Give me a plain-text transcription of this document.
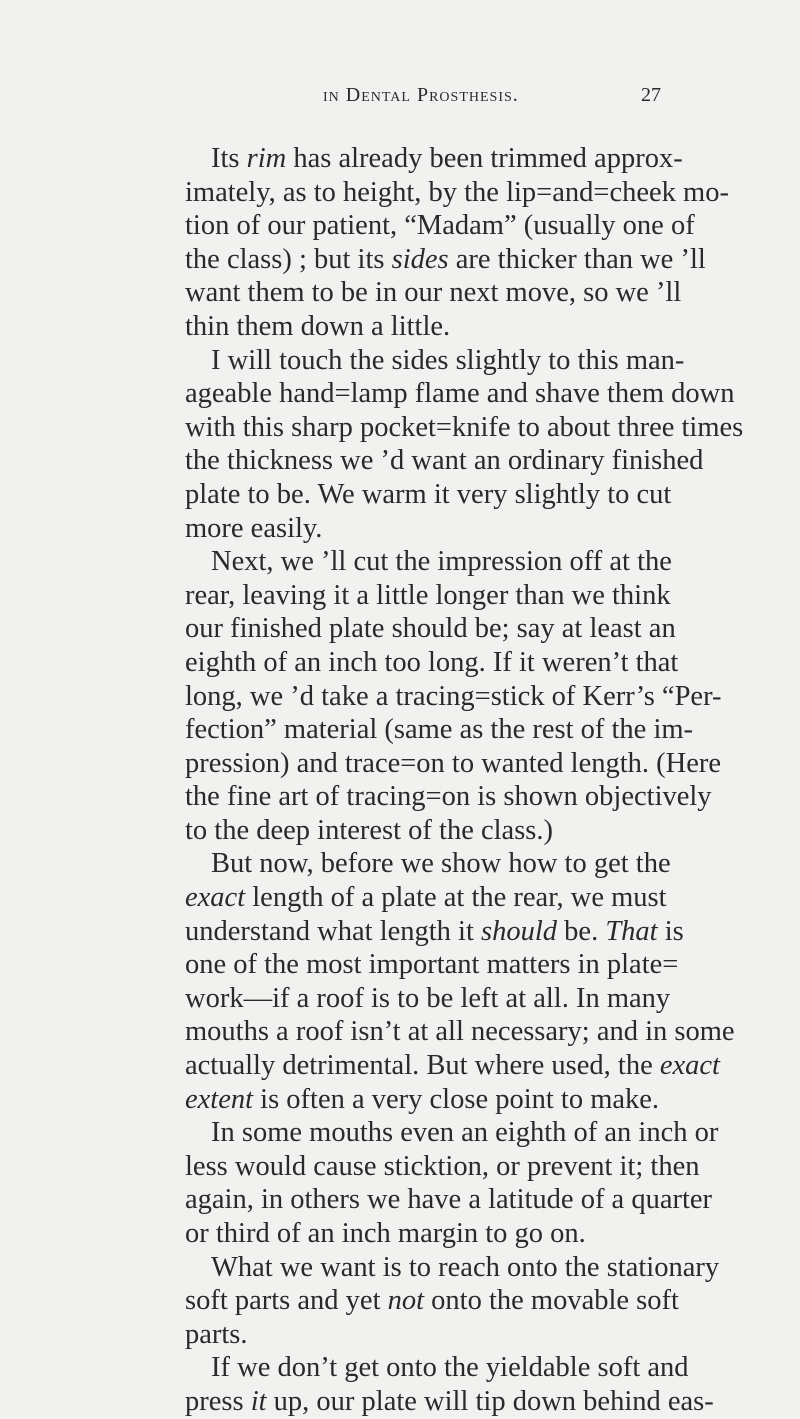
in Dental Prosthesis.	27
Its rim has already been trimmed approx-
imately, as to height, by the lip=and=cheek mo-
tion of our patient, “Madam” (usually one of
the class) ; but its sides are thicker than we ’ll
want them to be in our next move, so we ’ll
thin them down a little.
I will touch the sides slightly to this man-
ageable hand=lamp flame and shave them down
with this sharp pocket=knife to about three times
the thickness we ’d want an ordinary finished
plate to be. We warm it very slightly to cut
more easily.
Next, we ’ll cut the impression off at the
rear, leaving it a little longer than we think
our finished plate should be; say at least an
eighth of an inch too long. If it weren’t that
long, we ’d take a tracing=stick of Kerr’s “Per-
fection” material (same as the rest of the im-
pression) and trace=on to wanted length. (Here
the fine art of tracing=on is shown objectively
to the deep interest of the class.)
But now, before we show how to get the
exact length of a plate at the rear, we must
understand what length it should be. That is
one of the most important matters in plate=
work—if a roof is to be left at all. In many
mouths a roof isn’t at all necessary; and in some
actually detrimental. But where used, the exact
extent is often a very close point to make.
In some mouths even an eighth of an inch or
less would cause sticktion, or prevent it; then
again, in others we have a latitude of a quarter
or third of an inch margin to go on.
What we want is to reach onto the stationary
soft parts and yet not onto the movable soft
parts.
If we don’t get onto the yieldable soft and
press it up, our plate will tip down behind eas-
